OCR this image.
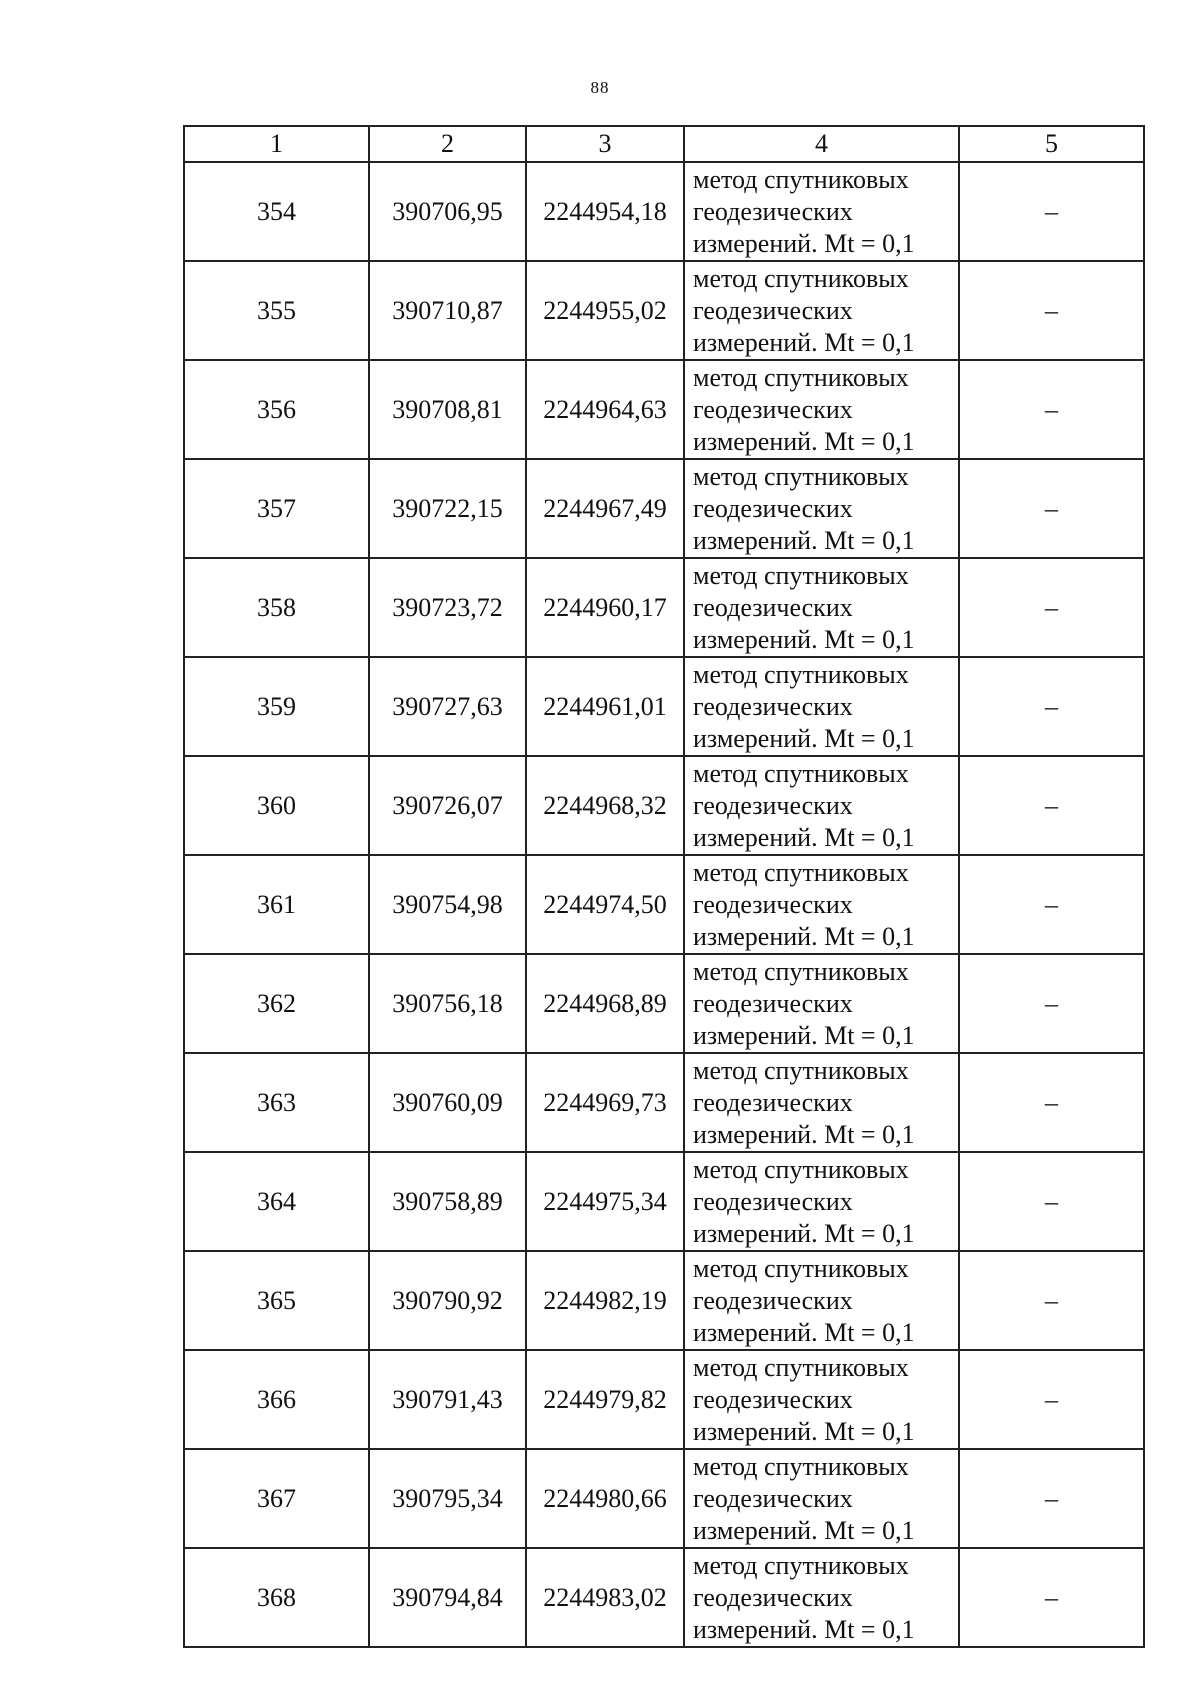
88
1	2	3	4	5
354	390706,95	2244954,18	метод спутниковых
геодезических
измерений. Mt = 0,1	–
355	390710,87	2244955,02	метод спутниковых
геодезических
измерений. Mt = 0,1	–
356	390708,81	2244964,63	метод спутниковых
геодезических
измерений. Mt = 0,1	–
357	390722,15	2244967,49	метод спутниковых
геодезических
измерений. Mt = 0,1	–
358	390723,72	2244960,17	метод спутниковых
геодезических
измерений. Mt = 0,1	–
359	390727,63	2244961,01	метод спутниковых
геодезических
измерений. Mt = 0,1	–
360	390726,07	2244968,32	метод спутниковых
геодезических
измерений. Mt = 0,1	–
361	390754,98	2244974,50	метод спутниковых
геодезических
измерений. Mt = 0,1	–
362	390756,18	2244968,89	метод спутниковых
геодезических
измерений. Mt = 0,1	–
363	390760,09	2244969,73	метод спутниковых
геодезических
измерений. Mt = 0,1	–
364	390758,89	2244975,34	метод спутниковых
геодезических
измерений. Mt = 0,1	–
365	390790,92	2244982,19	метод спутниковых
геодезических
измерений. Mt = 0,1	–
366	390791,43	2244979,82	метод спутниковых
геодезических
измерений. Mt = 0,1	–
367	390795,34	2244980,66	метод спутниковых
геодезических
измерений. Mt = 0,1	–
368	390794,84	2244983,02	метод спутниковых
геодезических
измерений. Mt = 0,1	–
